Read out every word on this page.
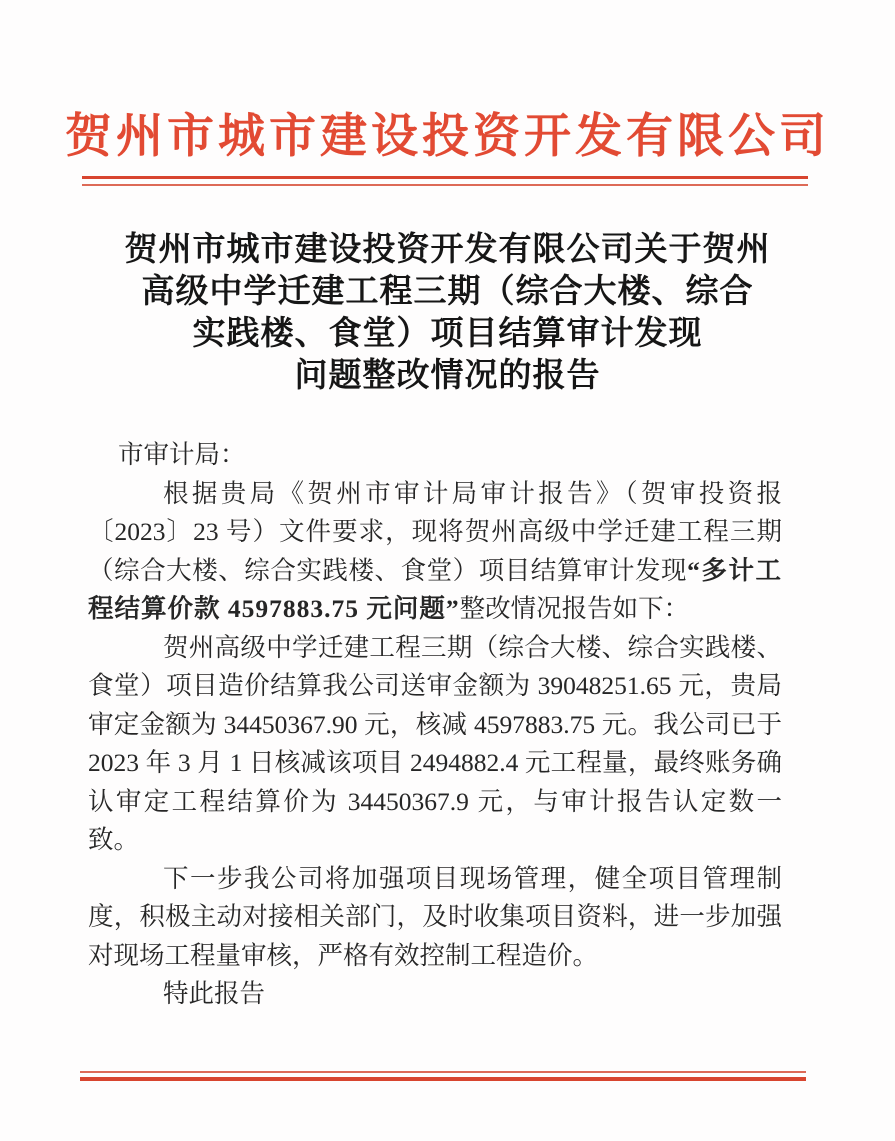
贺州市城市建设投资开发有限公司
贺州市城市建设投资开发有限公司关于贺州
高级中学迁建工程三期（综合大楼、综合
实践楼、食堂）项目结算审计发现
问题整改情况的报告

市审计局：

根据贵局《贺州市审计局审计报告》（贺审投资报〔2023〕23 号）文件要求，现将贺州高级中学迁建工程三期（综合大楼、综合实践楼、食堂）项目结算审计发现“多计工程结算价款 4597883.75 元问题”整改情况报告如下：

贺州高级中学迁建工程三期（综合大楼、综合实践楼、食堂）项目造价结算我公司送审金额为 39048251.65 元，贵局审定金额为 34450367.90 元，核减 4597883.75 元。我公司已于 2023 年 3 月 1 日核减该项目 2494882.4 元工程量，最终账务确认审定工程结算价为 34450367.9 元，与审计报告认定数一致。

下一步我公司将加强项目现场管理，健全项目管理制度，积极主动对接相关部门，及时收集项目资料，进一步加强对现场工程量审核，严格有效控制工程造价。

特此报告
